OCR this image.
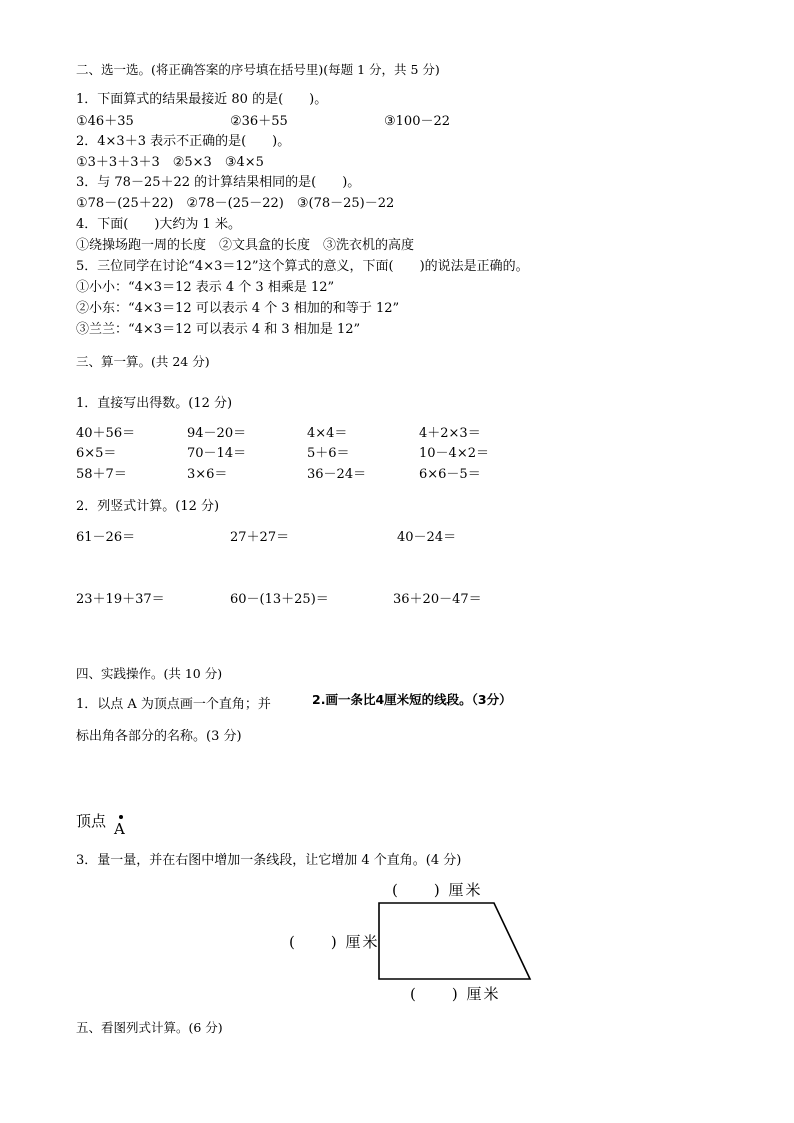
二、选一选。(将正确答案的序号填在括号里)(每题 1 分，共 5 分)
1．下面算式的结果最接近 80 的是(　　)。
①46＋35	②36＋55	③100－22
2．4×3＋3 表示不正确的是(　　)。
①3＋3＋3＋3　②5×3　③4×5
3．与 78－25＋22 的计算结果相同的是(　　)。
①78－(25＋22)　②78－(25－22)　③(78－25)－22
4．下面(　　)大约为 1 米。
①绕操场跑一周的长度　②文具盒的长度　③洗衣机的高度
5．三位同学在讨论“4×3＝12”这个算式的意义，下面(　　)的说法是正确的。
①小小：“4×3＝12 表示 4 个 3 相乘是 12”
②小东：“4×3＝12 可以表示 4 个 3 相加的和等于 12”
③兰兰：“4×3＝12 可以表示 4 和 3 相加是 12”
三、算一算。(共 24 分)
1．直接写出得数。(12 分)
40＋56＝	94－20＝	4×4＝	4＋2×3＝
6×5＝	70－14＝	5＋6＝	10－4×2＝
58＋7＝	3×6＝	36－24＝	6×6－5＝
2．列竖式计算。(12 分)
61－26＝	27＋27＝	40－24＝
23＋19＋37＝	60－(13＋25)＝	36＋20－47＝
四、实践操作。(共 10 分)
1．以点 A 为顶点画一个直角；并	2.画一条比4厘米短的线段。（3分）
标出角各部分的名称。(3 分)
顶点 A
3．量一量，并在右图中增加一条线段，让它增加 4 个直角。(4 分)
(　　) 厘米
(　　) 厘米
(　　) 厘米
五、看图列式计算。(6 分)
